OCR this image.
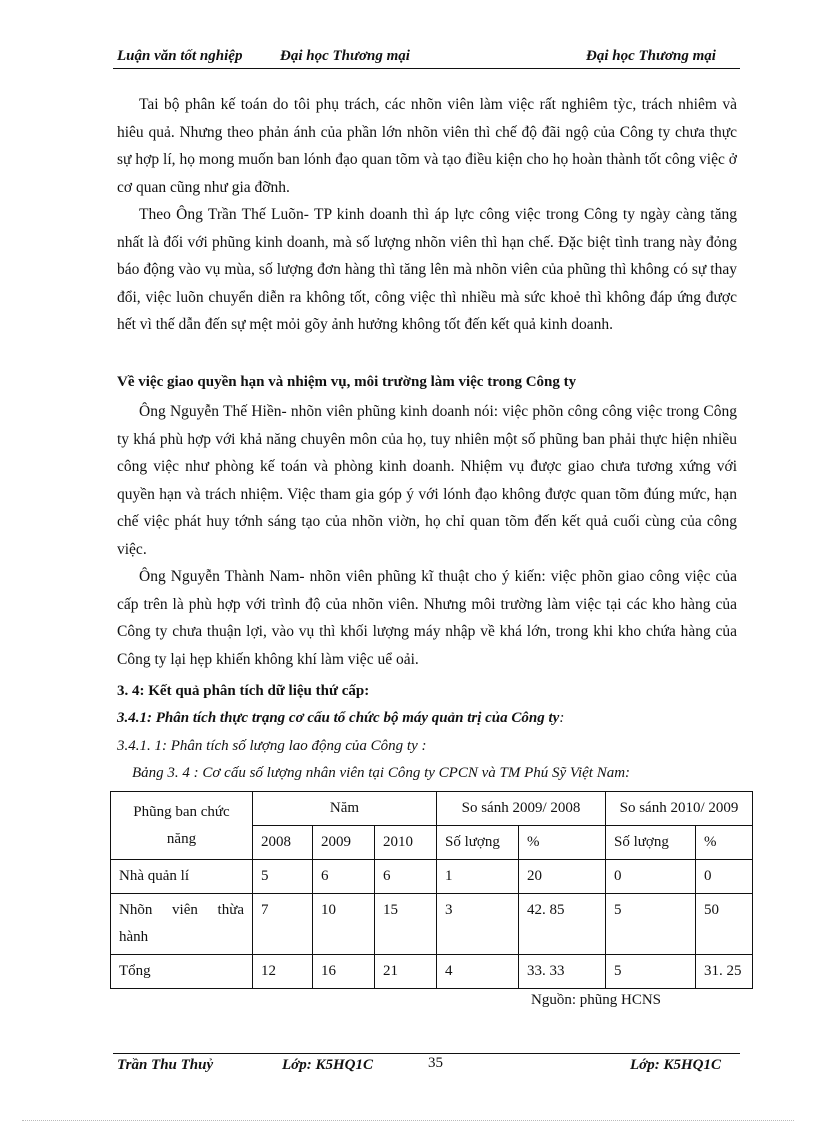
Luận văn tốt nghiệp	Đại học Thương mại	Đại học Thương mại
Tai bộ phân kế toán do tôi phụ trách, các nhõn viên làm việc rất nghiêm tỳc, trách nhiêm và hiêu quả. Nhưng theo phản ánh của phần lớn nhõn viên thì chế độ đãi ngộ của Công ty chưa thực sự hợp lí, họ mong muốn ban lónh đạo quan tõm và tạo điều kiện cho họ hoàn thành tốt công việc ở cơ quan cũng như gia đỡnh.
Theo Ông Trần Thế Luõn- TP kinh doanh thì áp lực công việc trong Công ty ngày càng tăng nhất là đối với phũng kinh doanh, mà số lượng nhõn viên thì hạn chế. Đặc biệt tình trang này đỏng báo động vào vụ mùa, số lượng đơn hàng thì tăng lên mà nhõn viên của phũng thì không có sự thay đổi, việc luõn chuyển diễn ra không tốt, công việc thì nhiều mà sức khoẻ thì không đáp ứng được hết vì thế dẫn đến sự mệt mỏi gõy ảnh hưởng không tốt đến kết quả kinh doanh.
Về việc giao quyền hạn và nhiệm vụ, môi trường làm việc trong Công ty
Ông Nguyễn Thế Hiền- nhõn viên phũng kinh doanh nói: việc phõn công công việc trong Công ty khá phù hợp với khả năng chuyên môn của họ, tuy nhiên một số phũng ban phải thực hiện nhiều công việc như phòng kế toán và phòng kinh doanh. Nhiệm vụ được giao chưa tương xứng với quyền hạn và trách nhiệm. Việc tham gia góp ý với lónh đạo không được quan tõm đúng mức, hạn chế việc phát huy tớnh sáng tạo của nhõn viờn, họ chỉ quan tõm đến kết quả cuối cùng của công việc.
Ông Nguyễn Thành Nam- nhõn viên phũng kĩ thuật cho ý kiến: việc phõn giao công việc của cấp trên là phù hợp với trình độ của nhõn viên. Nhưng môi trường làm việc tại các kho hàng của Công ty chưa thuận lợi, vào vụ thì khối lượng máy nhập về khá lớn, trong khi kho chứa hàng của Công ty lại hẹp khiến không khí làm việc uể oải.
3. 4: Kết quả phân tích dữ liệu thứ cấp:
3.4.1: Phân tích thực trạng cơ cấu tổ chức bộ máy quản trị của Công ty:
3.4.1. 1: Phân tích số lượng lao động của Công ty :
Bảng 3. 4 : Cơ cấu số lượng nhân viên tại Công ty CPCN và TM Phú Sỹ Việt Nam:
Phũng ban chức năng	Năm			So sánh 2009/ 2008		So sánh 2010/ 2009	
	2008	2009	2010	Số lượng	%	Số lượng	%
Nhà quản lí	5	6	6	1	20	0	0
Nhõn viên thừa hành	7	10	15	3	42. 85	5	50
Tổng	12	16	21	4	33. 33	5	31. 25
Nguồn: phũng HCNS
Trần Thu Thuỷ	Lớp: K5HQ1C	35	Lớp: K5HQ1C
